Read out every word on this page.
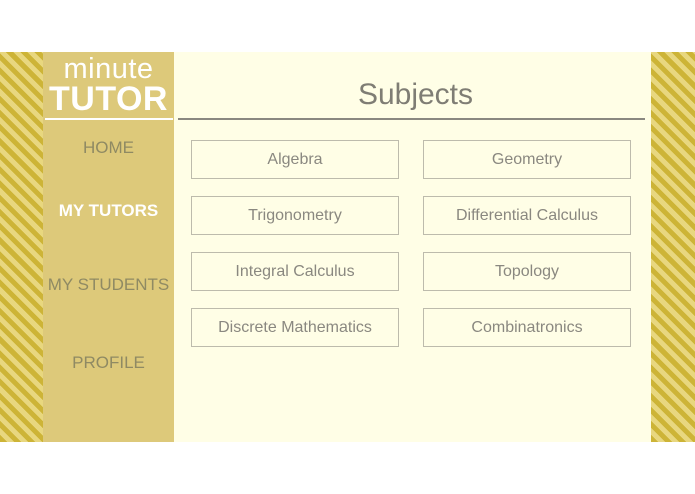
minute
TUTOR
HOME
MY TUTORS
MY STUDENTS
PROFILE
Subjects
Algebra	Geometry
Trigonometry	Differential Calculus
Integral Calculus	Topology
Discrete Mathematics	Combinatronics
